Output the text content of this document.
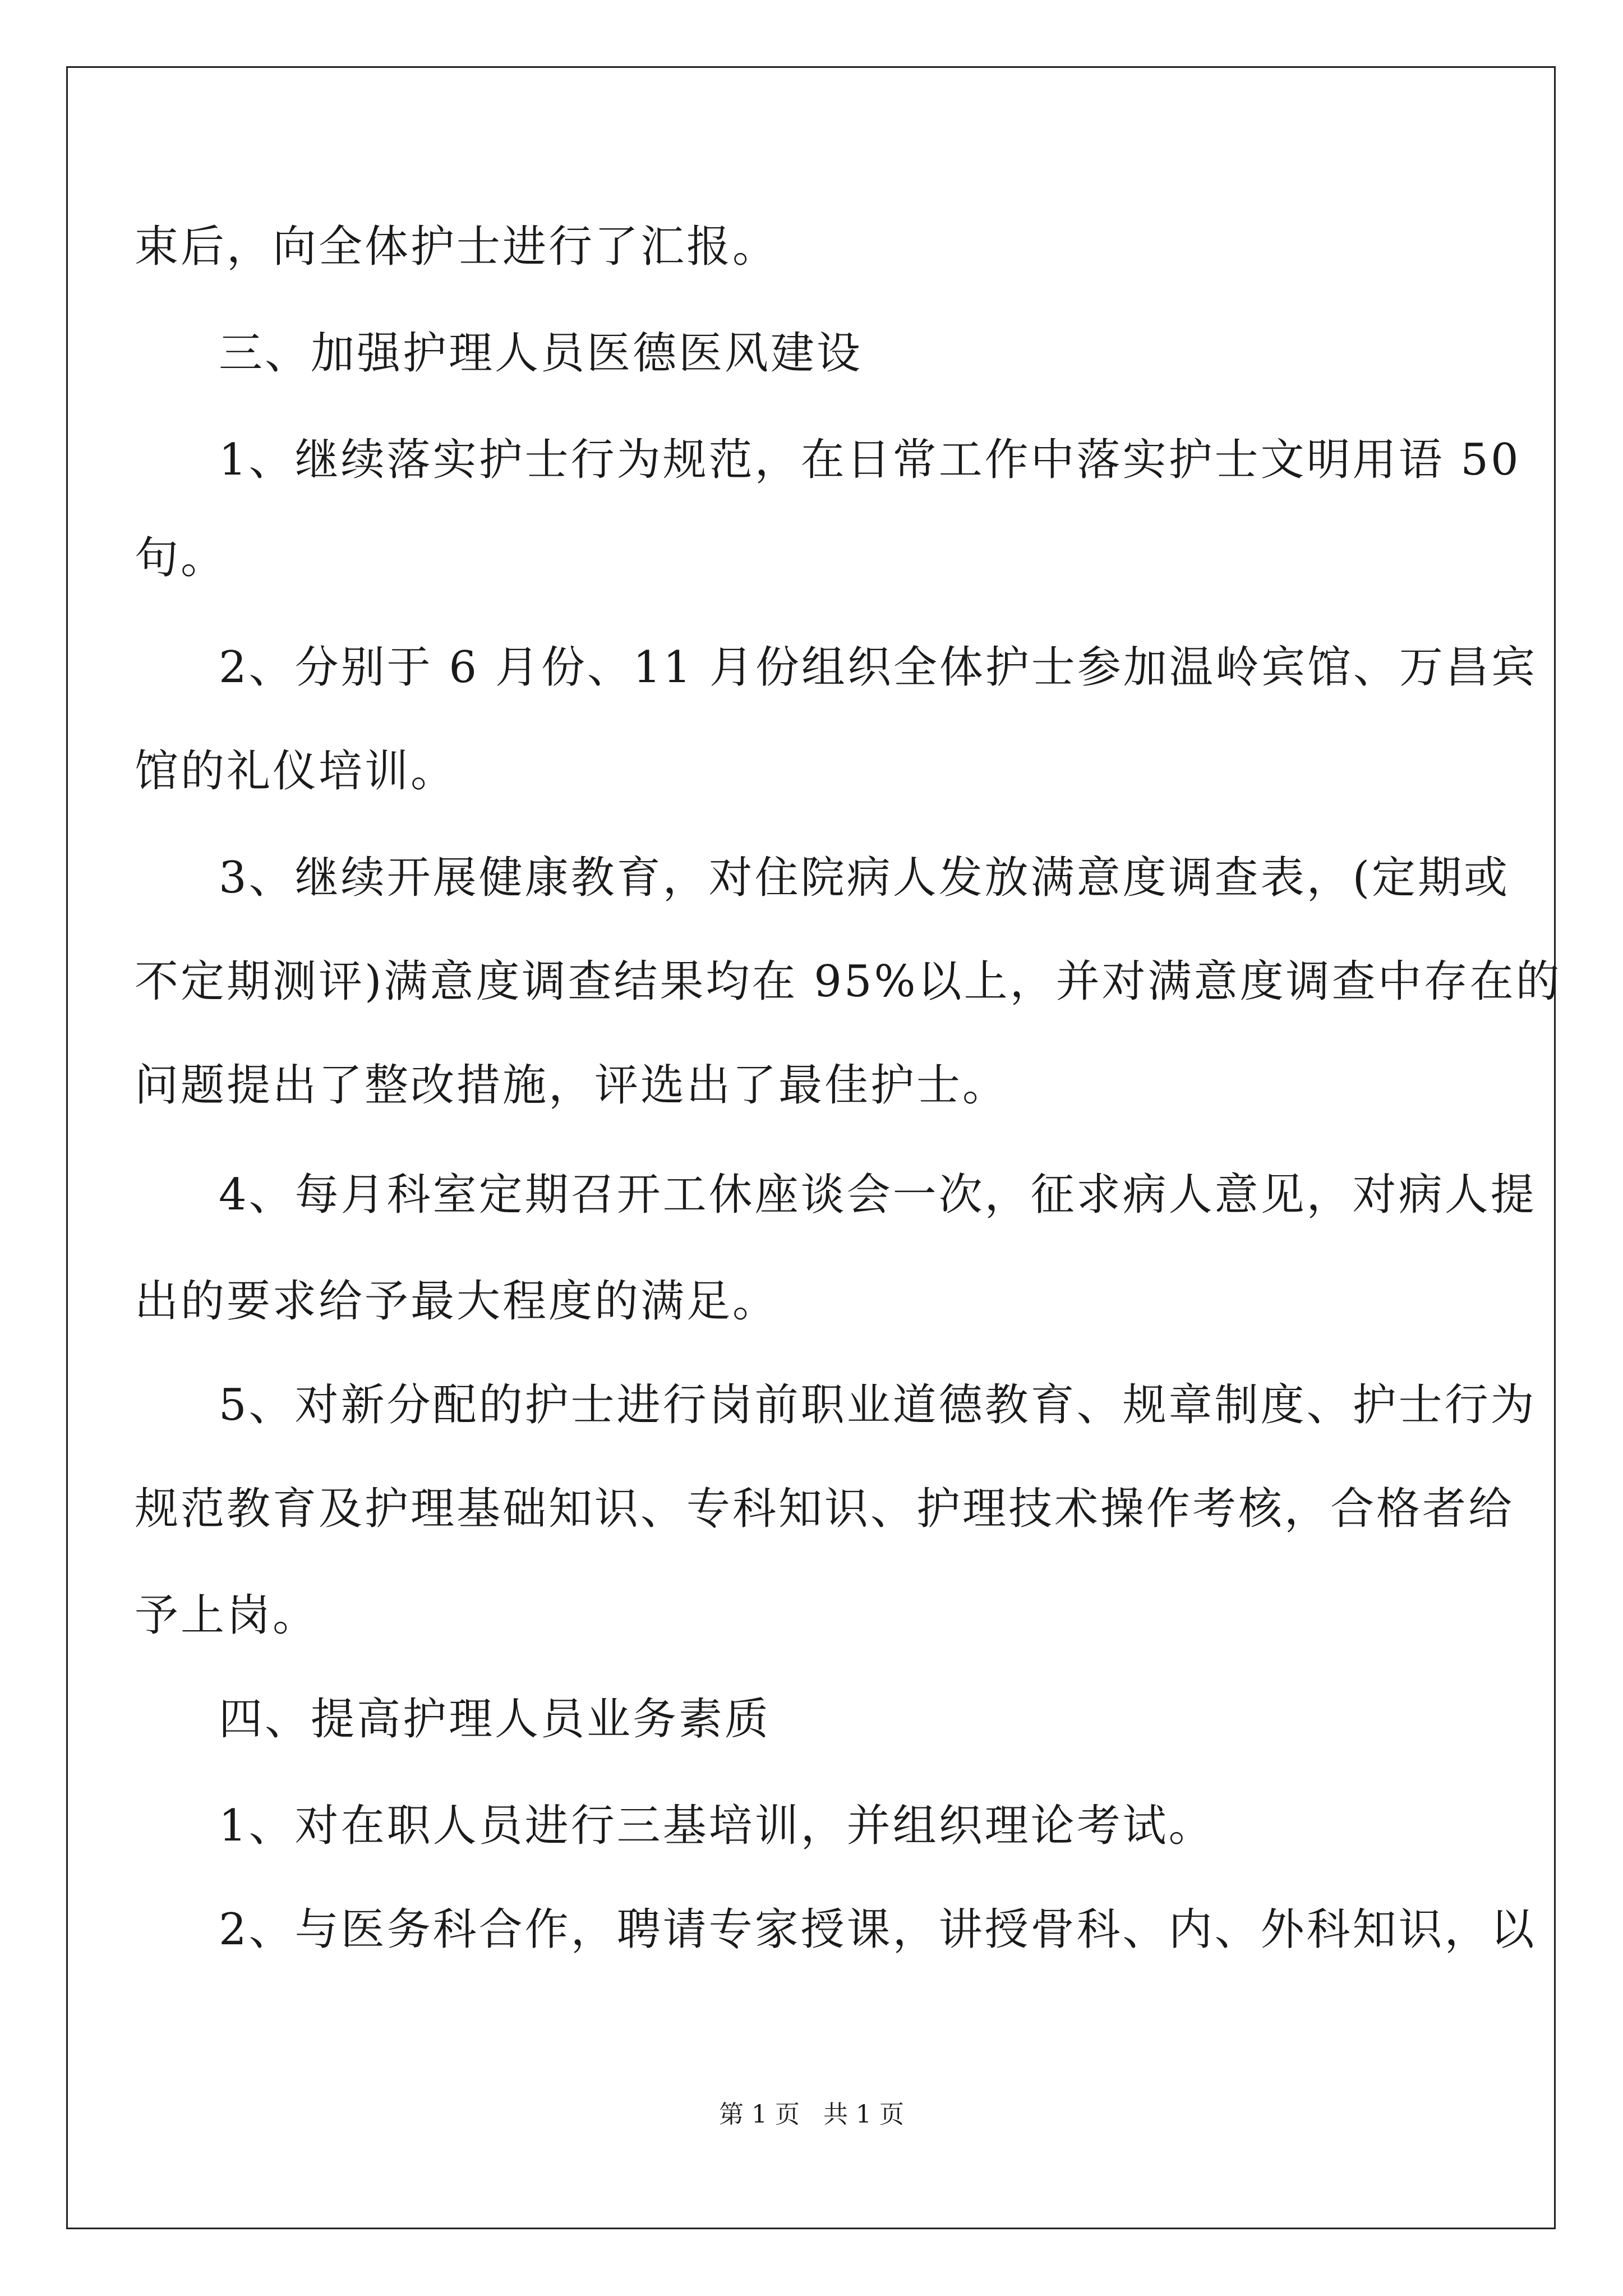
束后，向全体护士进行了汇报。
三、加强护理人员医德医风建设
1、继续落实护士行为规范，在日常工作中落实护士文明用语 50
句。
2、分别于 6 月份、11 月份组织全体护士参加温岭宾馆、万昌宾
馆的礼仪培训。
3、继续开展健康教育，对住院病人发放满意度调查表，(定期或
不定期测评)满意度调查结果均在 95%以上，并对满意度调查中存在的
问题提出了整改措施，评选出了最佳护士。
4、每月科室定期召开工休座谈会一次，征求病人意见，对病人提
出的要求给予最大程度的满足。
5、对新分配的护士进行岗前职业道德教育、规章制度、护士行为
规范教育及护理基础知识、专科知识、护理技术操作考核，合格者给
予上岗。
四、提高护理人员业务素质
1、对在职人员进行三基培训，并组织理论考试。
2、与医务科合作，聘请专家授课，讲授骨科、内、外科知识，以
第 1 页   共 1 页
